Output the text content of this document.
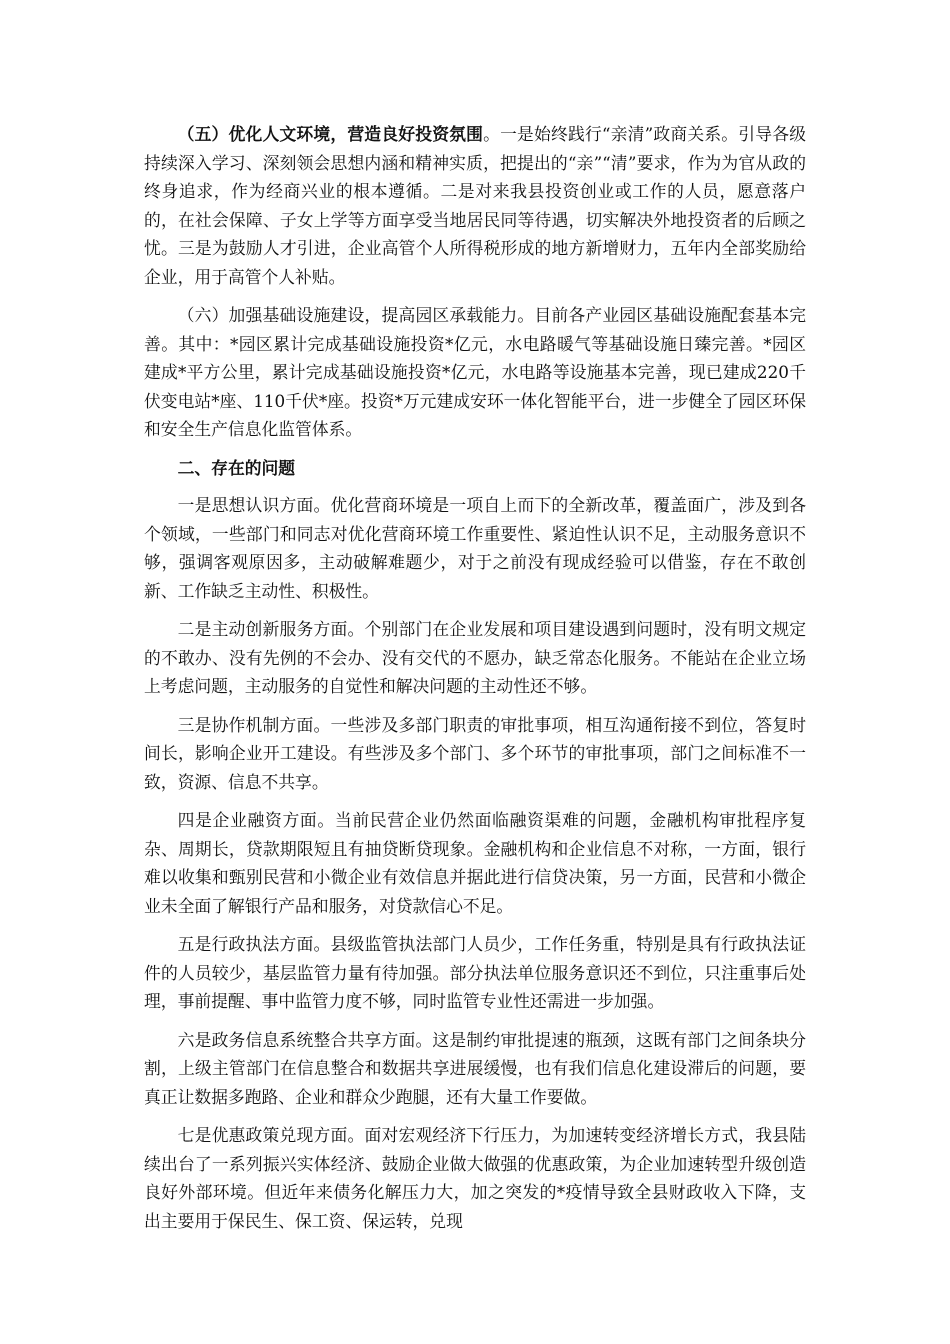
（五）优化人文环境，营造良好投资氛围。一是始终践行“亲清”政商关系。引导各级持续深入学习、深刻领会思想内涵和精神实质，把提出的“亲”“清”要求，作为为官从政的终身追求，作为经商兴业的根本遵循。二是对来我县投资创业或工作的人员，愿意落户的，在社会保障、子女上学等方面享受当地居民同等待遇，切实解决外地投资者的后顾之忧。三是为鼓励人才引进，企业高管个人所得税形成的地方新增财力，五年内全部奖励给企业，用于高管个人补贴。

（六）加强基础设施建设，提高园区承载能力。目前各产业园区基础设施配套基本完善。其中：*园区累计完成基础设施投资*亿元，水电路暖气等基础设施日臻完善。*园区建成*平方公里，累计完成基础设施投资*亿元，水电路等设施基本完善，现已建成220千伏变电站*座、110千伏*座。投资*万元建成安环一体化智能平台，进一步健全了园区环保和安全生产信息化监管体系。

二、存在的问题

一是思想认识方面。优化营商环境是一项自上而下的全新改革，覆盖面广，涉及到各个领域，一些部门和同志对优化营商环境工作重要性、紧迫性认识不足，主动服务意识不够，强调客观原因多，主动破解难题少，对于之前没有现成经验可以借鉴，存在不敢创新、工作缺乏主动性、积极性。

二是主动创新服务方面。个别部门在企业发展和项目建设遇到问题时，没有明文规定的不敢办、没有先例的不会办、没有交代的不愿办，缺乏常态化服务。不能站在企业立场上考虑问题，主动服务的自觉性和解决问题的主动性还不够。

三是协作机制方面。一些涉及多部门职责的审批事项，相互沟通衔接不到位，答复时间长，影响企业开工建设。有些涉及多个部门、多个环节的审批事项，部门之间标准不一致，资源、信息不共享。

四是企业融资方面。当前民营企业仍然面临融资渠难的问题，金融机构审批程序复杂、周期长，贷款期限短且有抽贷断贷现象。金融机构和企业信息不对称，一方面，银行难以收集和甄别民营和小微企业有效信息并据此进行信贷决策，另一方面，民营和小微企业未全面了解银行产品和服务，对贷款信心不足。

五是行政执法方面。县级监管执法部门人员少，工作任务重，特别是具有行政执法证件的人员较少，基层监管力量有待加强。部分执法单位服务意识还不到位，只注重事后处理，事前提醒、事中监管力度不够，同时监管专业性还需进一步加强。

六是政务信息系统整合共享方面。这是制约审批提速的瓶颈，这既有部门之间条块分割，上级主管部门在信息整合和数据共享进展缓慢，也有我们信息化建设滞后的问题，要真正让数据多跑路、企业和群众少跑腿，还有大量工作要做。

七是优惠政策兑现方面。面对宏观经济下行压力，为加速转变经济增长方式，我县陆续出台了一系列振兴实体经济、鼓励企业做大做强的优惠政策，为企业加速转型升级创造良好外部环境。但近年来债务化解压力大，加之突发的*疫情导致全县财政收入下降，支出主要用于保民生、保工资、保运转，兑现
